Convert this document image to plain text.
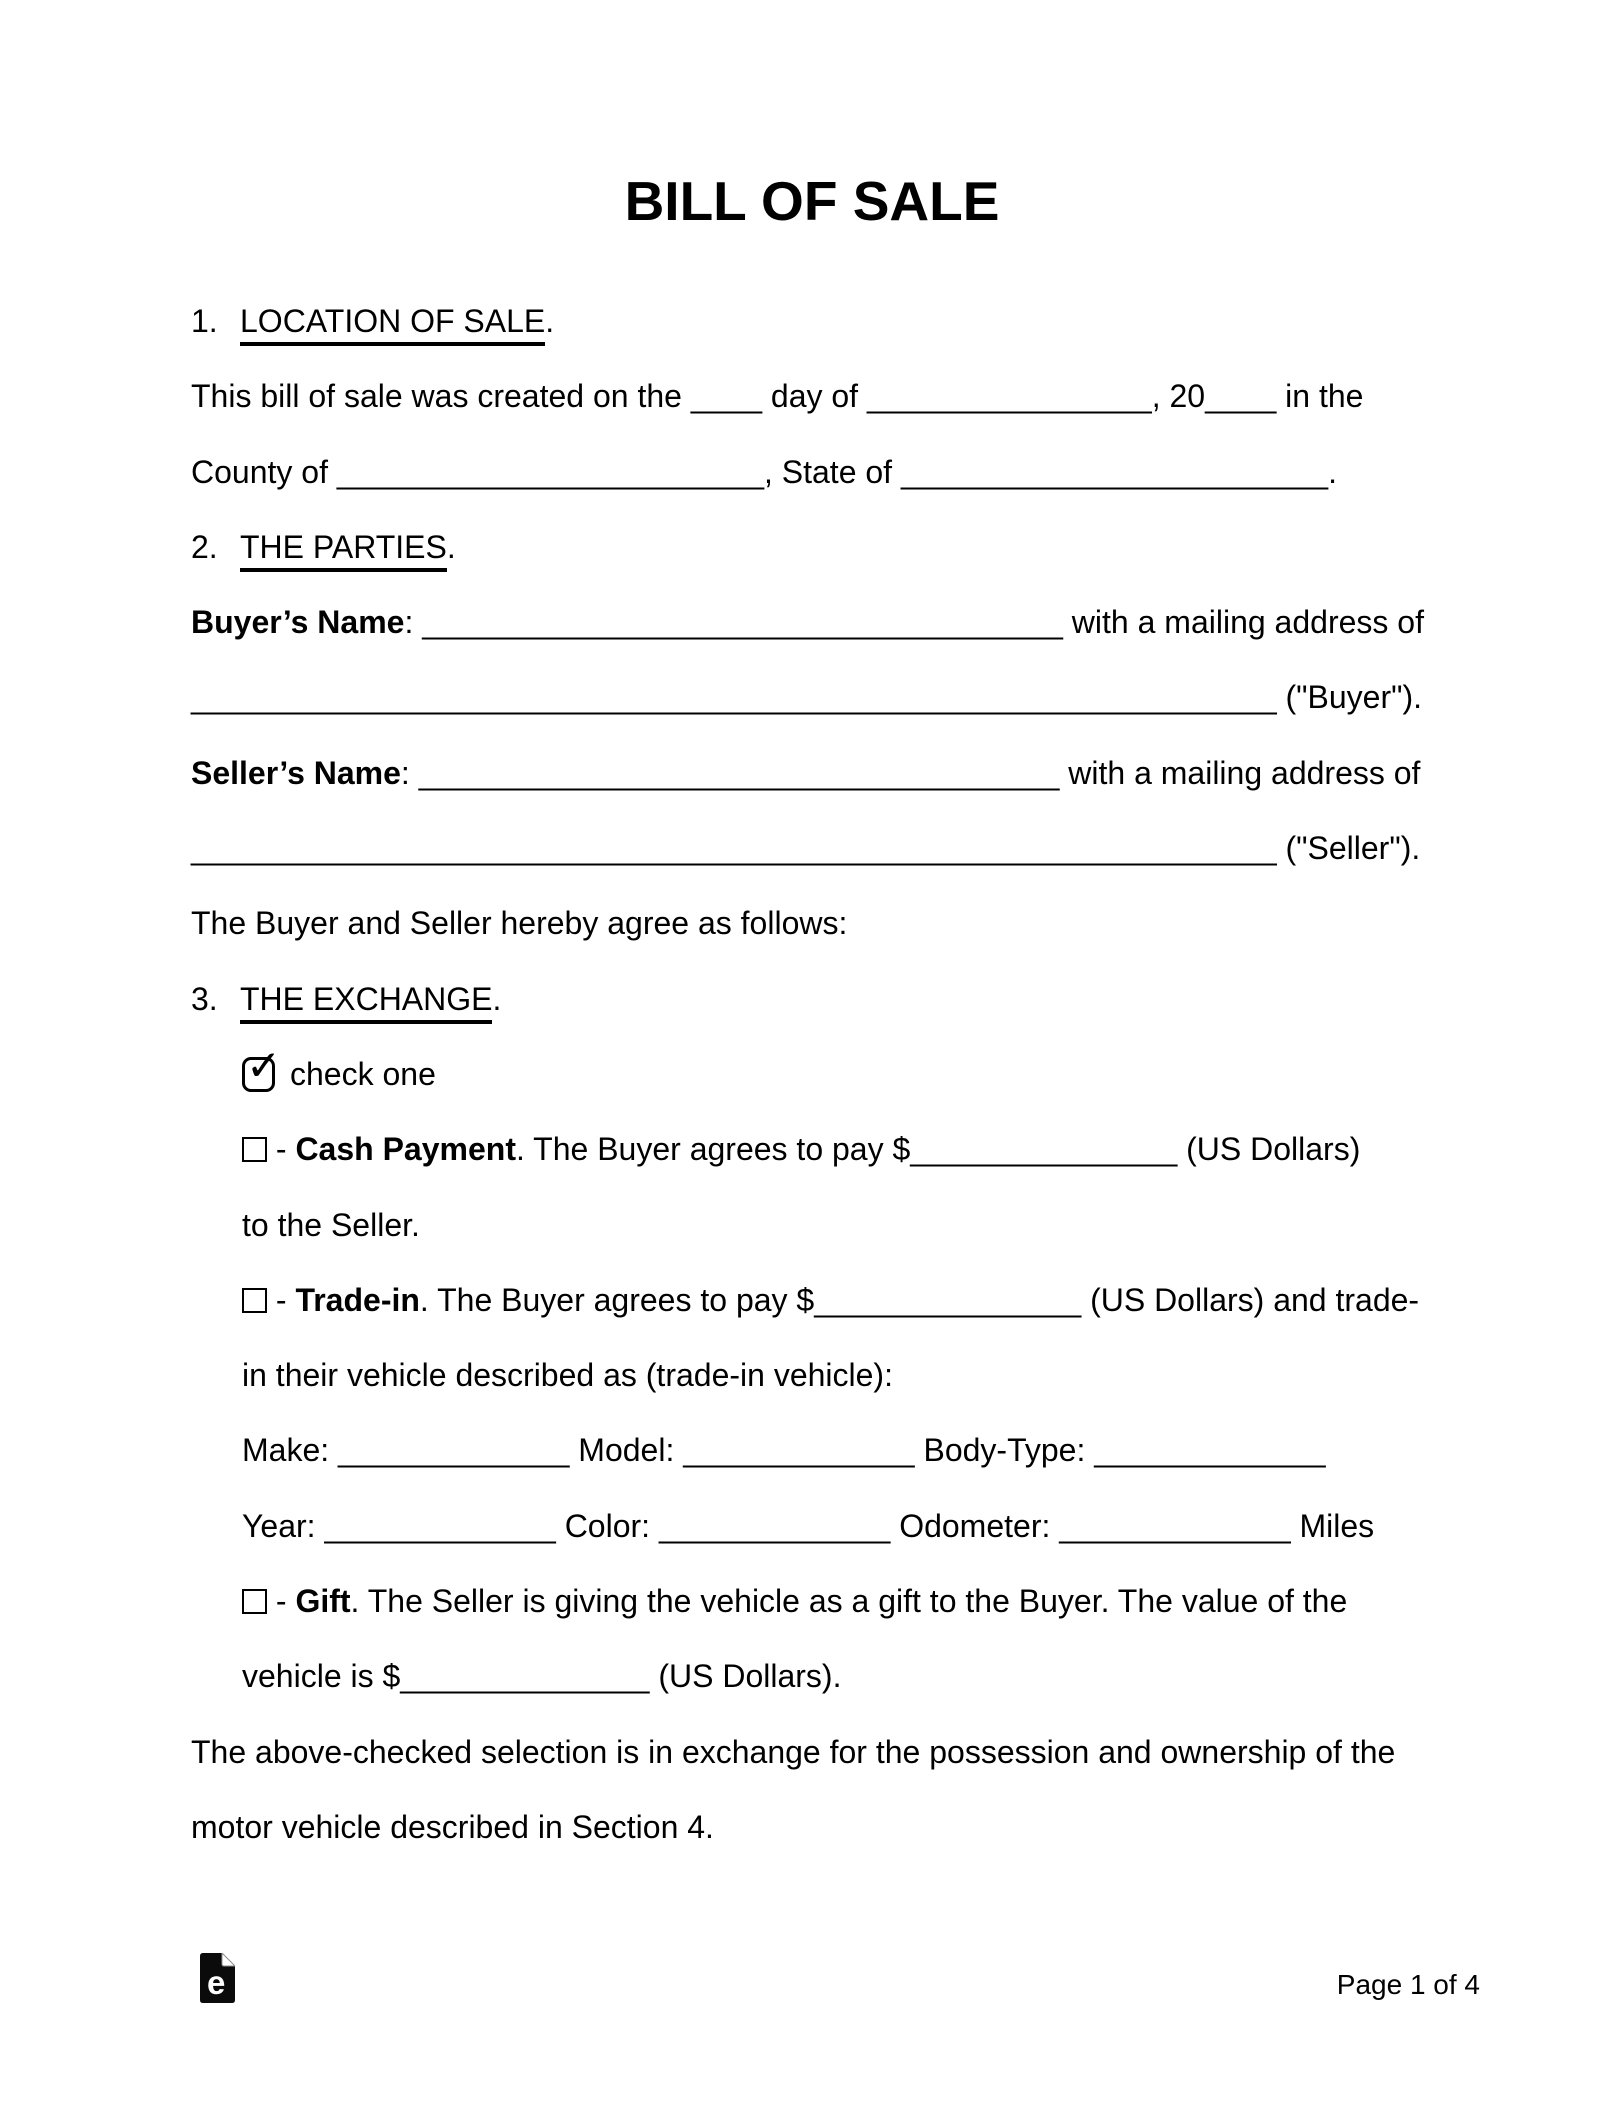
BILL OF SALE
1. LOCATION OF SALE.
This bill of sale was created on the ____ day of ________________, 20____ in the
County of ________________________, State of ________________________.
2. THE PARTIES.
Buyer’s Name: ____________________________________ with a mailing address of
_____________________________________________________________ ("Buyer").
Seller’s Name: ____________________________________ with a mailing address of
_____________________________________________________________ ("Seller").
The Buyer and Seller hereby agree as follows:
3. THE EXCHANGE.
✓ check one
- Cash Payment. The Buyer agrees to pay $_______________ (US Dollars)
to the Seller.
- Trade-in. The Buyer agrees to pay $_______________ (US Dollars) and trade-
in their vehicle described as (trade-in vehicle):
Make: _____________ Model: _____________ Body-Type: _____________
Year: _____________ Color: _____________ Odometer: _____________ Miles
- Gift. The Seller is giving the vehicle as a gift to the Buyer. The value of the
vehicle is $______________ (US Dollars).
The above-checked selection is in exchange for the possession and ownership of the
motor vehicle described in Section 4.
e	Page 1 of 4
